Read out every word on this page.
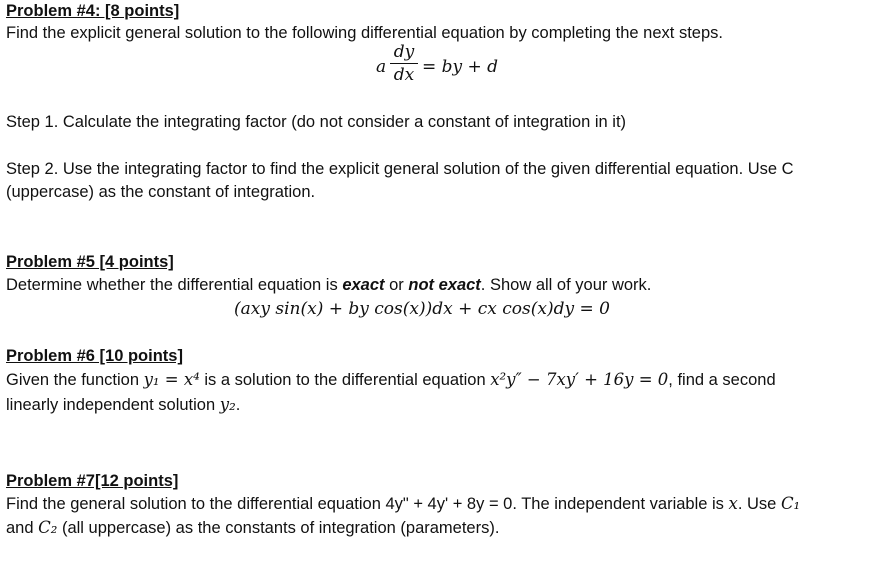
Problem #4: [8 points]
Find the explicit general solution to the following differential equation by completing the next steps.
a
dy
dx = by + d
Step 1. Calculate the integrating factor (do not consider a constant of integration in it)
Step 2. Use the integrating factor to find the explicit general solution of the given differential equation. Use C
(uppercase) as the constant of integration.
Problem #5 [4 points]
Determine whether the differential equation is exact or not exact. Show all of your work.
(axy sin(x) + by cos(x))dx + cx cos(x)dy = 0
Problem #6 [10 points]
Given the function y₁ = x⁴ is a solution to the differential equation x²y″ − 7xy′ + 16y = 0, find a second
linearly independent solution y₂.
Problem #7[12 points]
Find the general solution to the differential equation 4y" + 4y' + 8y = 0. The independent variable is x. Use C₁
and C₂ (all uppercase) as the constants of integration (parameters).
